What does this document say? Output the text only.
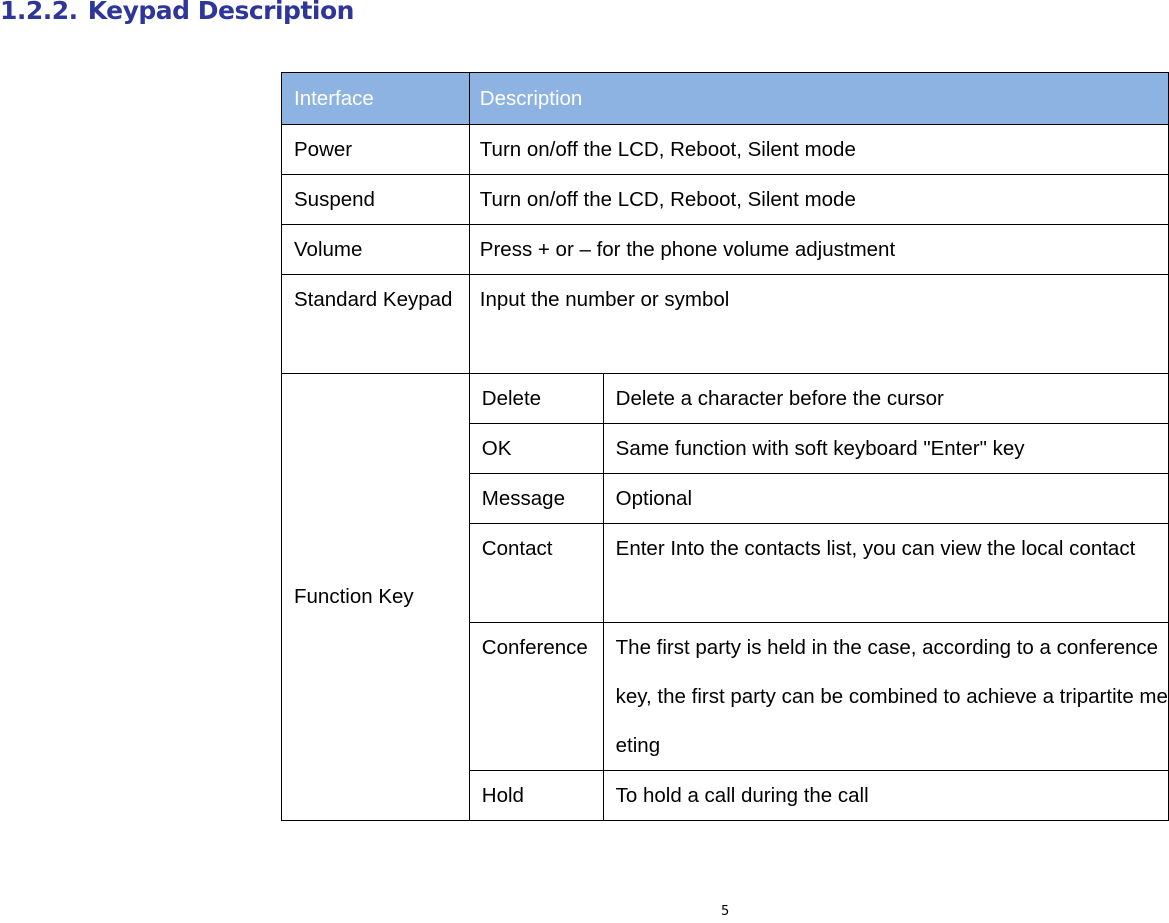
1.2.2. Keypad Description
Interface	Description	
Power	Turn on/off the LCD, Reboot, Silent mode	
Suspend	Turn on/off the LCD, Reboot, Silent mode	
Volume	Press + or – for the phone volume adjustment	
Standard Keypad	Input the number or symbol	
Function Key	Delete	Delete a character before the cursor
	OK	Same function with soft keyboard "Enter" key
	Message	Optional
	Contact	Enter Into the contacts list, you can view the local contact
	Conference	The first party is held in the case, according to a conference key, the first party can be combined to achieve a tripartite meeting
	Hold	To hold a call during the call
5
